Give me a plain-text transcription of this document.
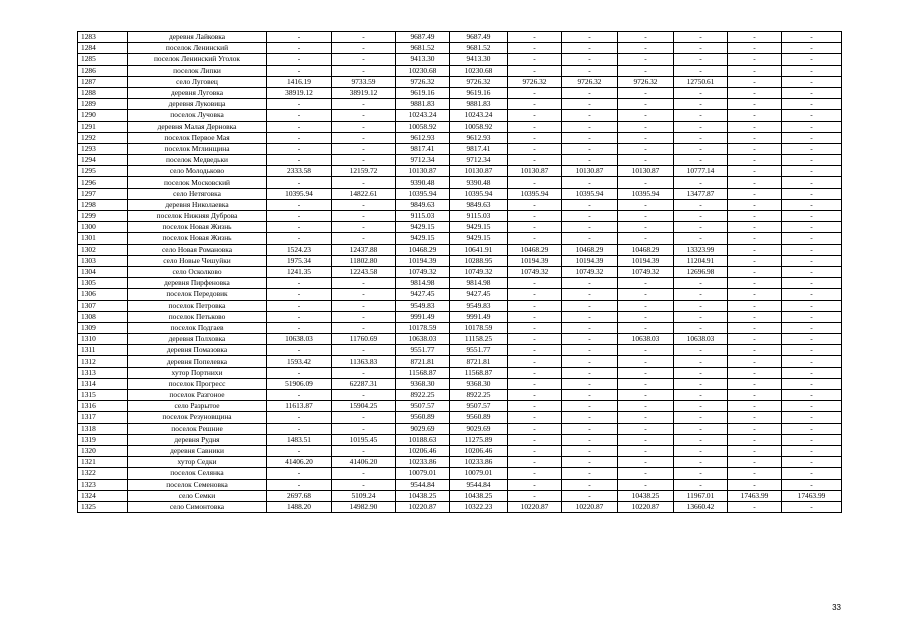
1283	деревня Лайковка	-	-	9687.49	9687.49	-	-	-	-	-	-
1284	поселок Ленинский	-	-	9681.52	9681.52	-	-	-	-	-	-
1285	поселок Ленинский Уголок	-	-	9413.30	9413.30	-	-	-	-	-	-
1286	поселок Липки	-	-	10230.68	10230.68	-	-	-	-	-	-
1287	село Луговец	1416.19	9733.59	9726.32	9726.32	9726.32	9726.32	9726.32	12750.61	-	-
1288	деревня Луговка	38919.12	38919.12	9619.16	9619.16	-	-	-	-	-	-
1289	деревня Луковица	-	-	9881.83	9881.83	-	-	-	-	-	-
1290	поселок Лучовка	-	-	10243.24	10243.24	-	-	-	-	-	-
1291	деревня Малая Дерновка	-	-	10058.92	10058.92	-	-	-	-	-	-
1292	поселок Первое Мая	-	-	9612.93	9612.93	-	-	-	-	-	-
1293	поселок Мглинщина	-	-	9817.41	9817.41	-	-	-	-	-	-
1294	поселок Медведьки	-	-	9712.34	9712.34	-	-	-	-	-	-
1295	село Молодьково	2333.58	12159.72	10130.87	10130.87	10130.87	10130.87	10130.87	10777.14	-	-
1296	поселок Московский	-	-	9390.48	9390.48	-	-	-	-	-	-
1297	село Нетяговка	10395.94	14822.61	10395.94	10395.94	10395.94	10395.94	10395.94	13477.87	-	-
1298	деревня Николаевка	-	-	9849.63	9849.63	-	-	-	-	-	-
1299	поселок Нижняя Дуброва	-	-	9115.03	9115.03	-	-	-	-	-	-
1300	поселок Новая Жизнь	-	-	9429.15	9429.15	-	-	-	-	-	-
1301	поселок Новая Жизнь	-	-	9429.15	9429.15	-	-	-	-	-	-
1302	село Новая Романовка	1524.23	12437.88	10468.29	10641.91	10468.29	10468.29	10468.29	13323.99	-	-
1303	село Новые Чешуйки	1975.34	11802.80	10194.39	10288.95	10194.39	10194.39	10194.39	11204.91	-	-
1304	село Осколково	1241.35	12243.58	10749.32	10749.32	10749.32	10749.32	10749.32	12696.98	-	-
1305	деревня Пирфеновка	-	-	9814.98	9814.98	-	-	-	-	-	-
1306	поселок Передовик	-	-	9427.45	9427.45	-	-	-	-	-	-
1307	поселок Петровка	-	-	9549.83	9549.83	-	-	-	-	-	-
1308	поселок Петьково	-	-	9991.49	9991.49	-	-	-	-	-	-
1309	поселок Подгаев	-	-	10178.59	10178.59	-	-	-	-	-	-
1310	деревня Полховка	10638.03	11760.69	10638.03	11158.25	-	-	10638.03	10638.03	-	-
1311	деревня Помазовка	-	-	9551.77	9551.77	-	-	-	-	-	-
1312	деревня Попелевка	1593.42	11363.83	8721.81	8721.81	-	-	-	-	-	-
1313	хутор Портнихи	-	-	11568.87	11568.87	-	-	-	-	-	-
1314	поселок Прогресс	51906.09	62287.31	9368.30	9368.30	-	-	-	-	-	-
1315	поселок Разгоное	-	-	8922.25	8922.25	-	-	-	-	-	-
1316	село Разрытое	11613.87	15904.25	9507.57	9507.57	-	-	-	-	-	-
1317	поселок Резуновщина	-	-	9560.89	9560.89	-	-	-	-	-	-
1318	поселок Решние	-	-	9029.69	9029.69	-	-	-	-	-	-
1319	деревня Рудня	1483.51	10195.45	10188.63	11275.89	-	-	-	-	-	-
1320	деревня Савники	-	-	10206.46	10206.46	-	-	-	-	-	-
1321	хутор Седки	41406.20	41406.20	10233.86	10233.86	-	-	-	-	-	-
1322	поселок Селянка	-	-	10079.01	10079.01	-	-	-	-	-	-
1323	поселок Семеновка	-	-	9544.84	9544.84	-	-	-	-	-	-
1324	село Семки	2697.68	5109.24	10438.25	10438.25	-	-	10438.25	11967.01	17463.99	17463.99
1325	село Симонтовка	1488.20	14982.90	10220.87	10322.23	10220.87	10220.87	10220.87	13660.42	-	-
33
